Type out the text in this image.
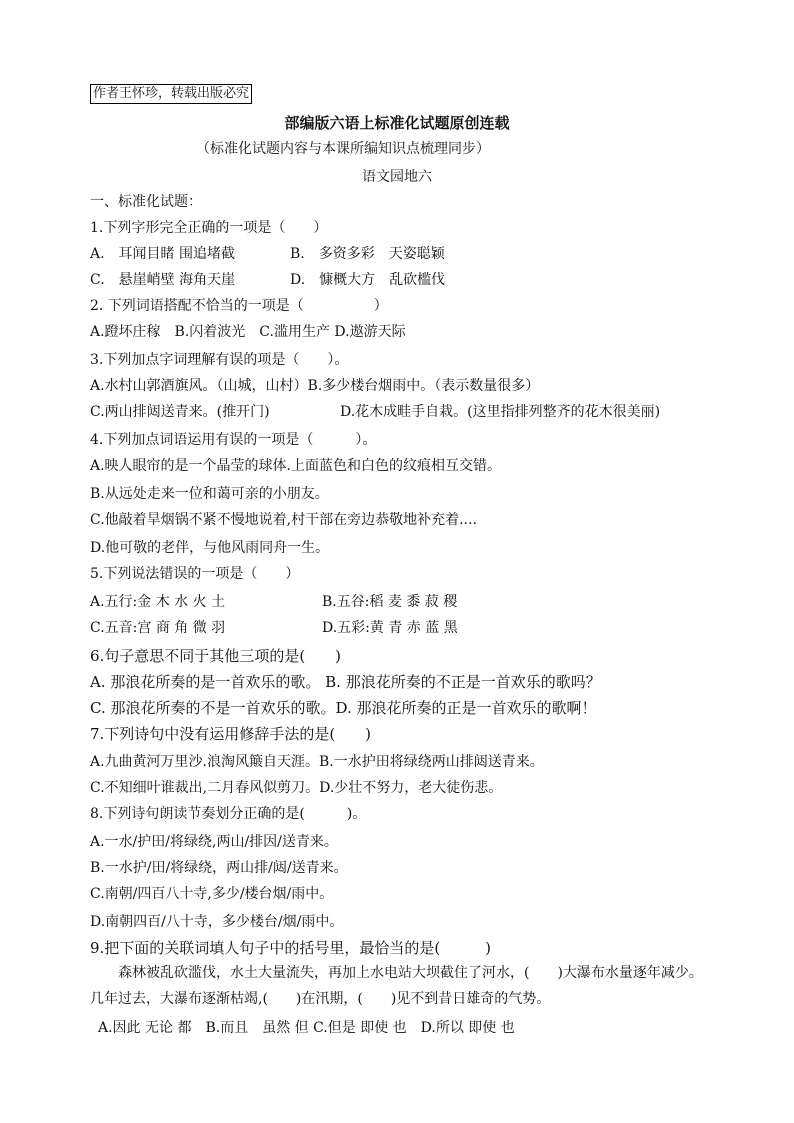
作者王怀珍，转载出版必究
部编版六语上标准化试题原创连载
（标准化试题内容与本课所编知识点梳理同步）
语文园地六
一、标准化试题：
1.下列字形完全正确的一项是（　　）
A.　耳闻目睹 围追堵截	B.　多资多彩　天姿聪颖
C.　悬崖峭壁 海角天崖	D.　慷概大方　乱砍槛伐
2. 下列词语搭配不恰当的一项是（　　　　　）
A.蹬坏庄稼　B.闪着波光　C.滥用生产 D.遨游天际
3.下列加点字词理解有误的项是（　　）。
A.水村山郭酒旗风。（山城，山村）B.多少楼台烟雨中。（表示数量很多）
C.两山排闼送青来。(推开门)	D.花木成畦手自栽。(这里指排列整齐的花木很美丽)
4.下列加点词语运用有误的一项是（　　　）。
A.映人眼帘的是一个晶莹的球体.上面蓝色和白色的纹痕相互交错。
B.从远处走来一位和蔼可亲的小朋友。
C.他敲着旱烟锅不紧不慢地说着,村干部在旁边恭敬地补充着....
D.他可敬的老伴，与他风雨同舟一生。
5.下列说法错误的一项是（　　）
A.五行:金 木 水 火 土	B.五谷:稻 麦 黍 菽 稷
C.五音:宫 商 角 微 羽	D.五彩:黄 青 赤 蓝 黑
6.句子意思不同于其他三项的是(　　)
A. 那浪花所奏的是一首欢乐的歌。 B. 那浪花所奏的不正是一首欢乐的歌吗？
C. 那浪花所奏的不是一首欢乐的歌。D. 那浪花所奏的正是一首欢乐的歌啊！
7.下列诗句中没有运用修辞手法的是(　　)
A.九曲黄河万里沙.浪淘风簸自天涯。B.一水护田将绿绕两山排闼送青来。
C.不知细叶谁裁出,二月春风似剪刀。D.少壮不努力，老大徒伤悲。
8.下列诗句朗读节奏划分正确的是(　　　)。
A.一水/护田/将绿绕,两山/排因/送青来。
B.一水护/田/将绿绕，两山排/闼/送青来。
C.南朝/四百八十寺,多少/楼台烟/雨中。
D.南朝四百/八十寺，多少楼台/烟/雨中。
9.把下面的关联词填人句子中的括号里，最恰当的是(　　　)
森林被乱砍滥伐，水土大量流失，再加上水电站大坝截住了河水，(　　)大瀑布水量逐年减少。几年过去，大瀑布逐渐枯竭,(　　)在汛期，(　　)见不到昔日雄奇的气势。
A.因此 无论 都　B.而且　虽然 但 C.但是 即使 也　D.所以 即使 也
